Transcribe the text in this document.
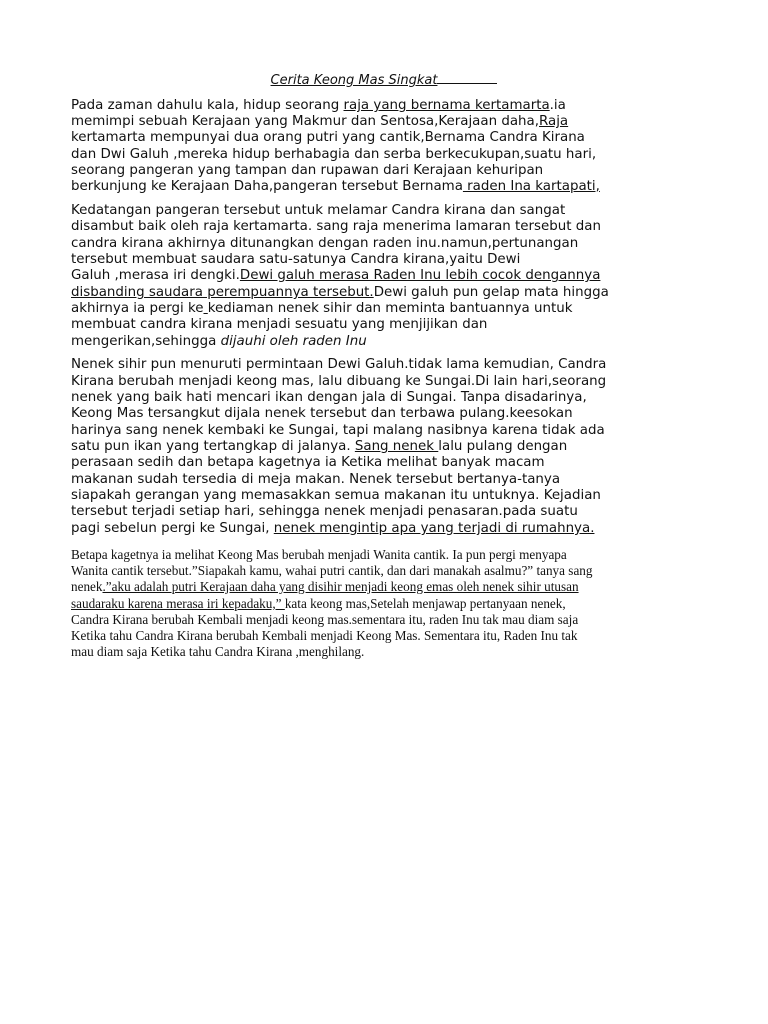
Cerita Keong Mas Singkat
Pada zaman dahulu kala, hidup seorang raja yang bernama kertamarta.ia
memimpi sebuah Kerajaan yang Makmur dan Sentosa,Kerajaan daha,Raja
kertamarta mempunyai dua orang putri yang cantik,Bernama Candra Kirana
dan Dwi Galuh ,mereka hidup berhabagia dan serba berkecukupan,suatu hari,
seorang pangeran yang tampan dan rupawan dari Kerajaan kehuripan
berkunjung ke Kerajaan Daha,pangeran tersebut Bernama raden Ina kartapati,
Kedatangan pangeran tersebut untuk melamar Candra kirana dan sangat
disambut baik oleh raja kertamarta. sang raja menerima lamaran tersebut dan
candra kirana akhirnya ditunangkan dengan raden inu.namun,pertunangan
tersebut membuat saudara satu-satunya Candra kirana,yaitu Dewi
Galuh ,merasa iri dengki.Dewi galuh merasa Raden Inu lebih cocok dengannya
disbanding saudara perempuannya tersebut.Dewi galuh pun gelap mata hingga
akhirnya ia pergi ke kediaman nenek sihir dan meminta bantuannya untuk
membuat candra kirana menjadi sesuatu yang menjijikan dan
mengerikan,sehingga dijauhi oleh raden Inu
Nenek sihir pun menuruti permintaan Dewi Galuh.tidak lama kemudian, Candra
Kirana berubah menjadi keong mas, lalu dibuang ke Sungai.Di lain hari,seorang
nenek yang baik hati mencari ikan dengan jala di Sungai. Tanpa disadarinya,
Keong Mas tersangkut dijala nenek tersebut dan terbawa pulang.keesokan
harinya sang nenek kembaki ke Sungai, tapi malang nasibnya karena tidak ada
satu pun ikan yang tertangkap di jalanya. Sang nenek lalu pulang dengan
perasaan sedih dan betapa kagetnya ia Ketika melihat banyak macam
makanan sudah tersedia di meja makan. Nenek tersebut bertanya-tanya
siapakah gerangan yang memasakkan semua makanan itu untuknya. Kejadian
tersebut terjadi setiap hari, sehingga nenek menjadi penasaran.pada suatu
pagi sebelun pergi ke Sungai, nenek mengintip apa yang terjadi di rumahnya.
Betapa kagetnya ia melihat Keong Mas berubah menjadi Wanita cantik. Ia pun pergi menyapa
Wanita cantik tersebut.”Siapakah kamu, wahai putri cantik, dan dari manakah asalmu?” tanya sang
nenek.”aku adalah putri Kerajaan daha yang disihir menjadi keong emas oleh nenek sihir utusan
saudaraku karena merasa iri kepadaku,” kata keong mas,Setelah menjawap pertanyaan nenek,
Candra Kirana berubah Kembali menjadi keong mas.sementara itu, raden Inu tak mau diam saja
Ketika tahu Candra Kirana berubah Kembali menjadi Keong Mas. Sementara itu, Raden Inu tak
mau diam saja Ketika tahu Candra Kirana ,menghilang.
